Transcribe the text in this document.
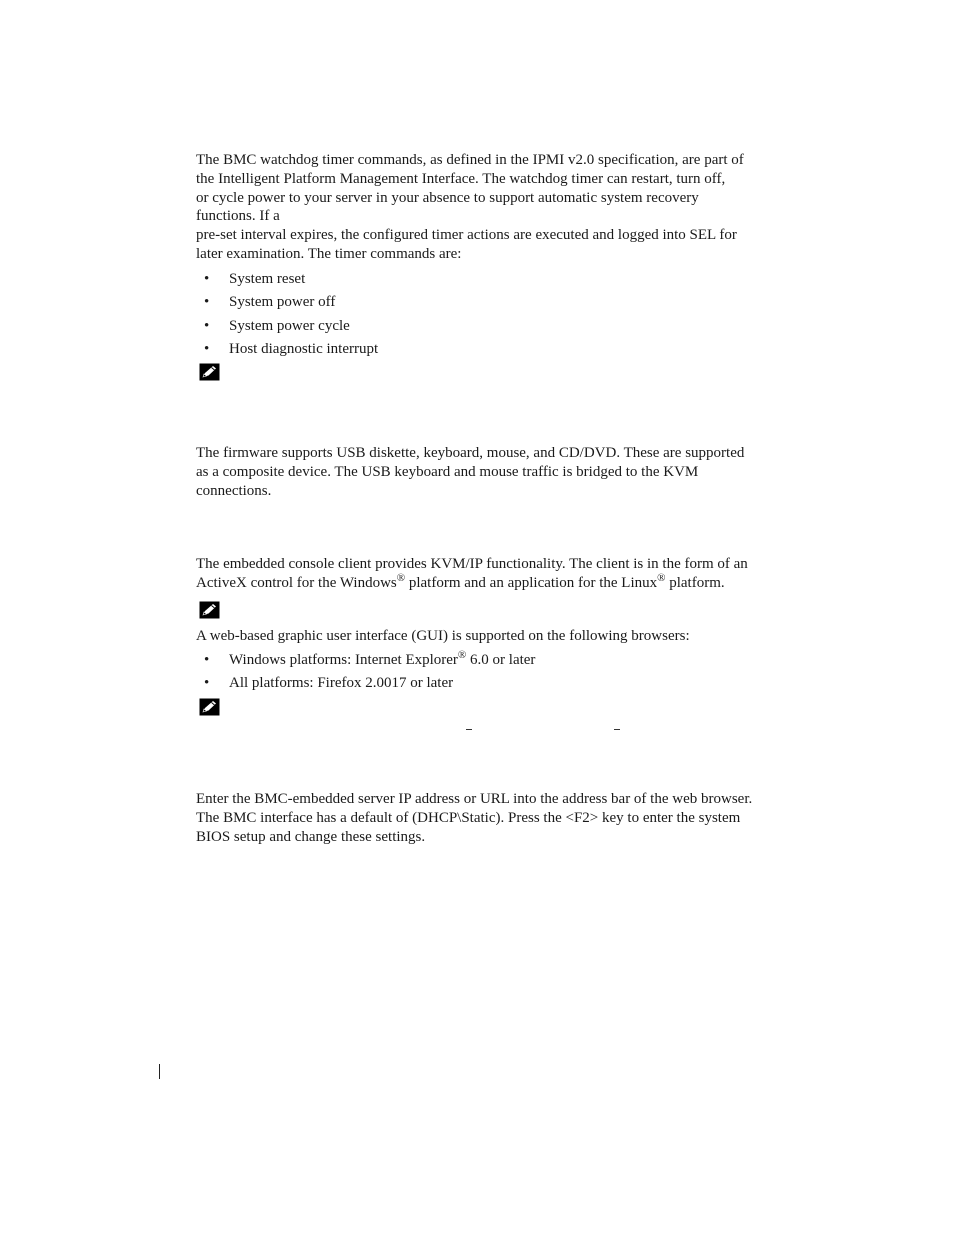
The BMC watchdog timer commands, as defined in the IPMI v2.0 specification, are part of
the Intelligent Platform Management Interface. The watchdog timer can restart, turn off,
or cycle power to your server in your absence to support automatic system recovery
functions. If a
pre-set interval expires, the configured timer actions are executed and logged into SEL for
later examination. The timer commands are:

• System reset
• System power off
• System power cycle
• Host diagnostic interrupt

The firmware supports USB diskette, keyboard, mouse, and CD/DVD. These are supported
as a composite device. The USB keyboard and mouse traffic is bridged to the KVM
connections.

The embedded console client provides KVM/IP functionality. The client is in the form of an
ActiveX control for the Windows® platform and an application for the Linux® platform.

A web-based graphic user interface (GUI) is supported on the following browsers:

• Windows platforms: Internet Explorer® 6.0 or later
• All platforms: Firefox 2.0017 or later

Enter the BMC-embedded server IP address or URL into the address bar of the web browser.
The BMC interface has a default of (DHCP\Static). Press the <F2> key to enter the system
BIOS setup and change these settings.
